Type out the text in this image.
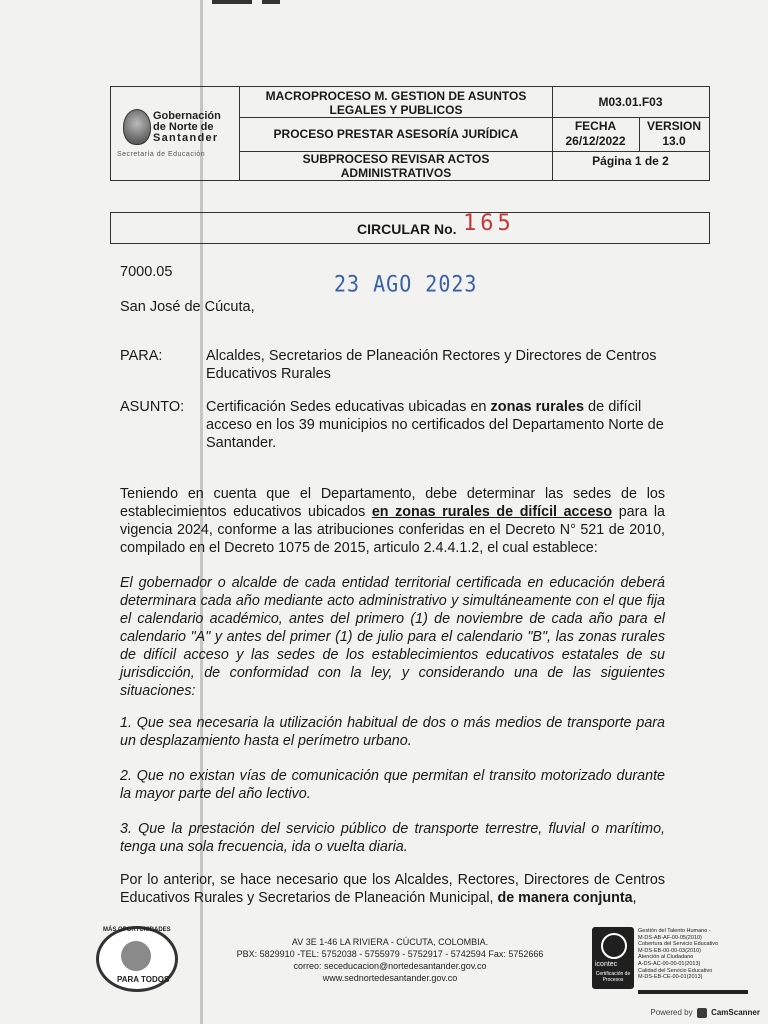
Gobernación
de Norte de
Santander
Secretaría de Educación
MACROPROCESO M. GESTION DE ASUNTOS LEGALES Y PUBLICOS
M03.01.F03
PROCESO PRESTAR ASESORÍA JURÍDICA
FECHA
26/12/2022
VERSION
13.0
SUBPROCESO REVISAR ACTOS ADMINISTRATIVOS
Página 1 de 2
CIRCULAR No. 165
7000.05	23 AGO 2023
San José de Cúcuta,
PARA:	Alcaldes, Secretarios de Planeación Rectores y Directores de Centros Educativos Rurales
ASUNTO: Certificación Sedes educativas ubicadas en zonas rurales de difícil acceso en los 39 municipios no certificados del Departamento Norte de Santander.
Teniendo en cuenta que el Departamento, debe determinar las sedes de los establecimientos educativos ubicados en zonas rurales de difícil acceso para la vigencia 2024, conforme a las atribuciones conferidas en el Decreto N° 521 de 2010, compilado en el Decreto 1075 de 2015, articulo 2.4.4.1.2, el cual establece:
El gobernador o alcalde de cada entidad territorial certificada en educación deberá determinara cada año mediante acto administrativo y simultáneamente con el que fija el calendario académico, antes del primero (1) de noviembre de cada año para el calendario "A" y antes del primer (1) de julio para el calendario "B", las zonas rurales de difícil acceso y las sedes de los establecimientos educativos estatales de su jurisdicción, de conformidad con la ley, y considerando una de las siguientes situaciones:
1. Que sea necesaria la utilización habitual de dos o más medios de transporte para un desplazamiento hasta el perímetro urbano.
2. Que no existan vías de comunicación que permitan el transito motorizado durante la mayor parte del año lectivo.
3. Que la prestación del servicio público de transporte terrestre, fluvial o marítimo, tenga una sola frecuencia, ida o vuelta diaria.
Por lo anterior, se hace necesario que los Alcaldes, Rectores, Directores de Centros Educativos Rurales y Secretarios de Planeación Municipal, de manera conjunta,
MÁS OPORTUNIDADES
PARA TODOS
AV 3E 1-46 LA RIVIERA - CÚCUTA, COLOMBIA.
PBX: 5829910 -TEL: 5752038 - 5755979 - 5752917 - 5742594 Fax: 5752666
correo: seceducacion@nortedesantander.gov.co
www.sednortedesantander.gov.co
icontec
Certificación de Procesos
Gestión del Talento Humano -
M-DS-AB-AF-00-05(2010)
Cobertura del Servicio Educativo
M-DS-EB-00-00-03(2010)
Atención al Ciudadano
A-DS-AC-00-00-01(2013)
Calidad del Servicio Educativo
M-DS-EB-CE-00-01(2013)
Powered by CamScanner
